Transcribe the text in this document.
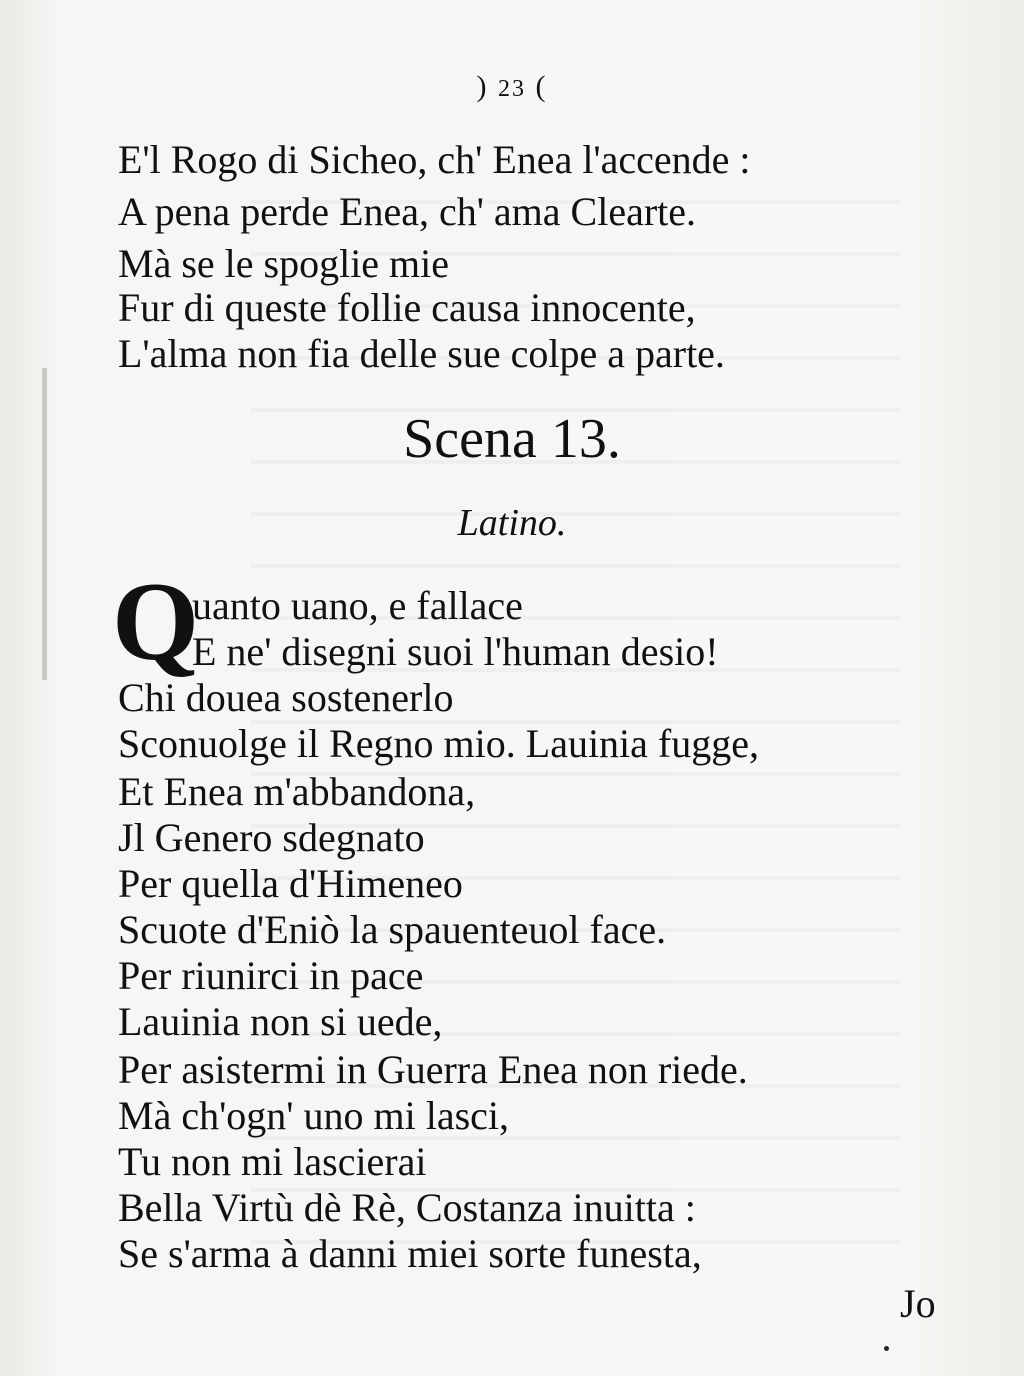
) 23 (
E'l Rogo di Sicheo, ch' Enea l'accende :
A pena perde Enea, ch' ama Clearte.
Mà se le spoglie mie
Fur di queste follie causa innocente,
L'alma non fia delle sue colpe a parte.
Scena 13.
Latino.
Q
uanto uano, e fallace
E ne' disegni suoi l'human desio!
Chi douea sostenerlo
Sconuolge il Regno mio. Lauinia fugge,
Et Enea m'abbandona,
Jl Genero sdegnato
Per quella d'Himeneo
Scuote d'Eniò la spauenteuol face.
Per riunirci in pace
Lauinia non si uede,
Per asistermi in Guerra Enea non riede.
Mà ch'ogn' uno mi lasci,
Tu non mi lascierai
Bella Virtù dè Rè, Costanza inuitta :
Se s'arma à danni miei sorte funesta,
Jo
